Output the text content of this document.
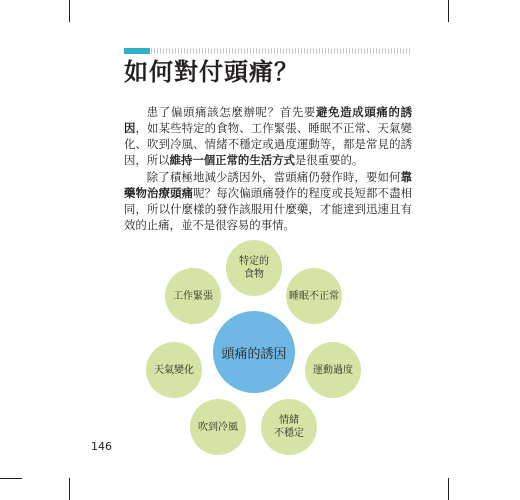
如何對付頭痛？

患了偏頭痛該怎麼辦呢？首先要避免造成頭痛的誘因，如某些特定的食物、工作緊張、睡眠不正常、天氣變化、吹到冷風、情緒不穩定或過度運動等，都是常見的誘因，所以維持一個正常的生活方式是很重要的。

除了積極地減少誘因外，當頭痛仍發作時，要如何靠藥物治療頭痛呢？每次偏頭痛發作的程度或長短都不盡相同，所以什麼樣的發作該服用什麼藥，才能達到迅速且有效的止痛，並不是很容易的事情。

特定的
食物
睡眠不正常
運動過度
情緒
不穩定
吹到冷風
天氣變化
工作緊張
頭痛的誘因
146
